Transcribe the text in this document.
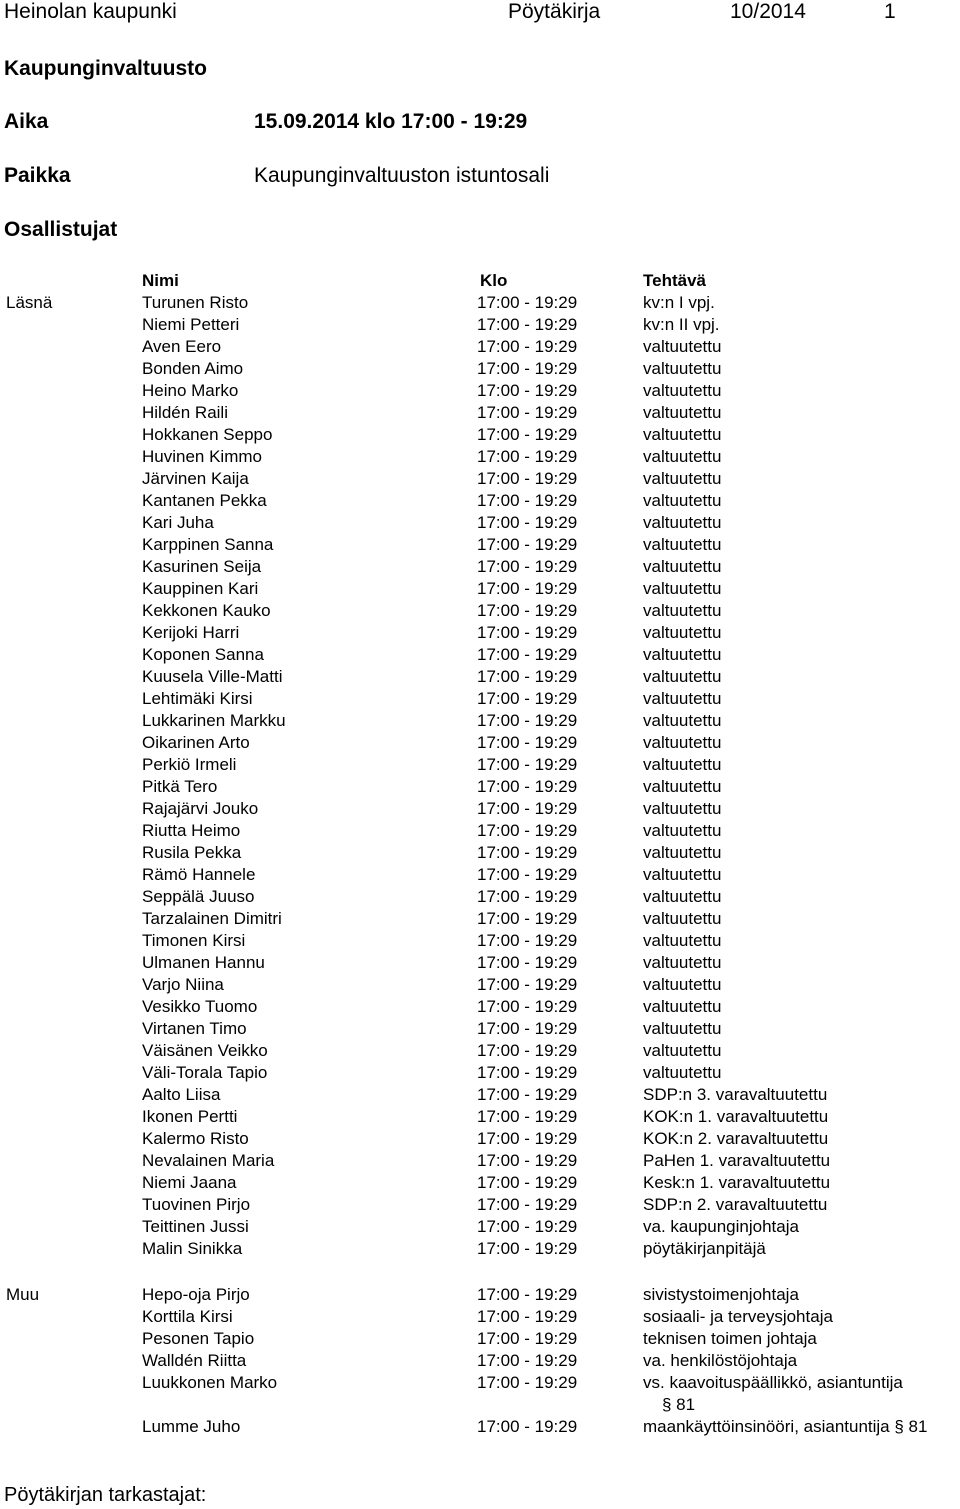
Heinolan kaupunki	Pöytäkirja	10/2014	1
Kaupunginvaltuusto
Aika	15.09.2014 klo 17:00 - 19:29
Paikka	Kaupunginvaltuuston istuntosali
Osallistujat
Nimi	Klo	Tehtävä
Läsnä	Turunen Risto	17:00 - 19:29	kv:n I vpj.
Niemi Petteri	17:00 - 19:29	kv:n II vpj.
Aven Eero	17:00 - 19:29	valtuutettu
Bonden Aimo	17:00 - 19:29	valtuutettu
Heino Marko	17:00 - 19:29	valtuutettu
Hildén Raili	17:00 - 19:29	valtuutettu
Hokkanen Seppo	17:00 - 19:29	valtuutettu
Huvinen Kimmo	17:00 - 19:29	valtuutettu
Järvinen Kaija	17:00 - 19:29	valtuutettu
Kantanen Pekka	17:00 - 19:29	valtuutettu
Kari Juha	17:00 - 19:29	valtuutettu
Karppinen Sanna	17:00 - 19:29	valtuutettu
Kasurinen Seija	17:00 - 19:29	valtuutettu
Kauppinen Kari	17:00 - 19:29	valtuutettu
Kekkonen Kauko	17:00 - 19:29	valtuutettu
Kerijoki Harri	17:00 - 19:29	valtuutettu
Koponen Sanna	17:00 - 19:29	valtuutettu
Kuusela Ville-Matti	17:00 - 19:29	valtuutettu
Lehtimäki Kirsi	17:00 - 19:29	valtuutettu
Lukkarinen Markku	17:00 - 19:29	valtuutettu
Oikarinen Arto	17:00 - 19:29	valtuutettu
Perkiö Irmeli	17:00 - 19:29	valtuutettu
Pitkä Tero	17:00 - 19:29	valtuutettu
Rajajärvi Jouko	17:00 - 19:29	valtuutettu
Riutta Heimo	17:00 - 19:29	valtuutettu
Rusila Pekka	17:00 - 19:29	valtuutettu
Rämö Hannele	17:00 - 19:29	valtuutettu
Seppälä Juuso	17:00 - 19:29	valtuutettu
Tarzalainen Dimitri	17:00 - 19:29	valtuutettu
Timonen Kirsi	17:00 - 19:29	valtuutettu
Ulmanen Hannu	17:00 - 19:29	valtuutettu
Varjo Niina	17:00 - 19:29	valtuutettu
Vesikko Tuomo	17:00 - 19:29	valtuutettu
Virtanen Timo	17:00 - 19:29	valtuutettu
Väisänen Veikko	17:00 - 19:29	valtuutettu
Väli-Torala Tapio	17:00 - 19:29	valtuutettu
Aalto Liisa	17:00 - 19:29	SDP:n 3. varavaltuutettu
Ikonen Pertti	17:00 - 19:29	KOK:n 1. varavaltuutettu
Kalermo Risto	17:00 - 19:29	KOK:n 2. varavaltuutettu
Nevalainen Maria	17:00 - 19:29	PaHen 1. varavaltuutettu
Niemi Jaana	17:00 - 19:29	Kesk:n 1. varavaltuutettu
Tuovinen Pirjo	17:00 - 19:29	SDP:n 2. varavaltuutettu
Teittinen Jussi	17:00 - 19:29	va. kaupunginjohtaja
Malin Sinikka	17:00 - 19:29	pöytäkirjanpitäjä
Muu	Hepo-oja Pirjo	17:00 - 19:29	sivistystoimenjohtaja
Korttila Kirsi	17:00 - 19:29	sosiaali- ja terveysjohtaja
Pesonen Tapio	17:00 - 19:29	teknisen toimen johtaja
Walldén Riitta	17:00 - 19:29	va. henkilöstöjohtaja
Luukkonen Marko	17:00 - 19:29	vs. kaavoituspäällikkö, asiantuntija
§ 81
Lumme Juho	17:00 - 19:29	maankäyttöinsinööri, asiantuntija § 81
Pöytäkirjan tarkastajat:
